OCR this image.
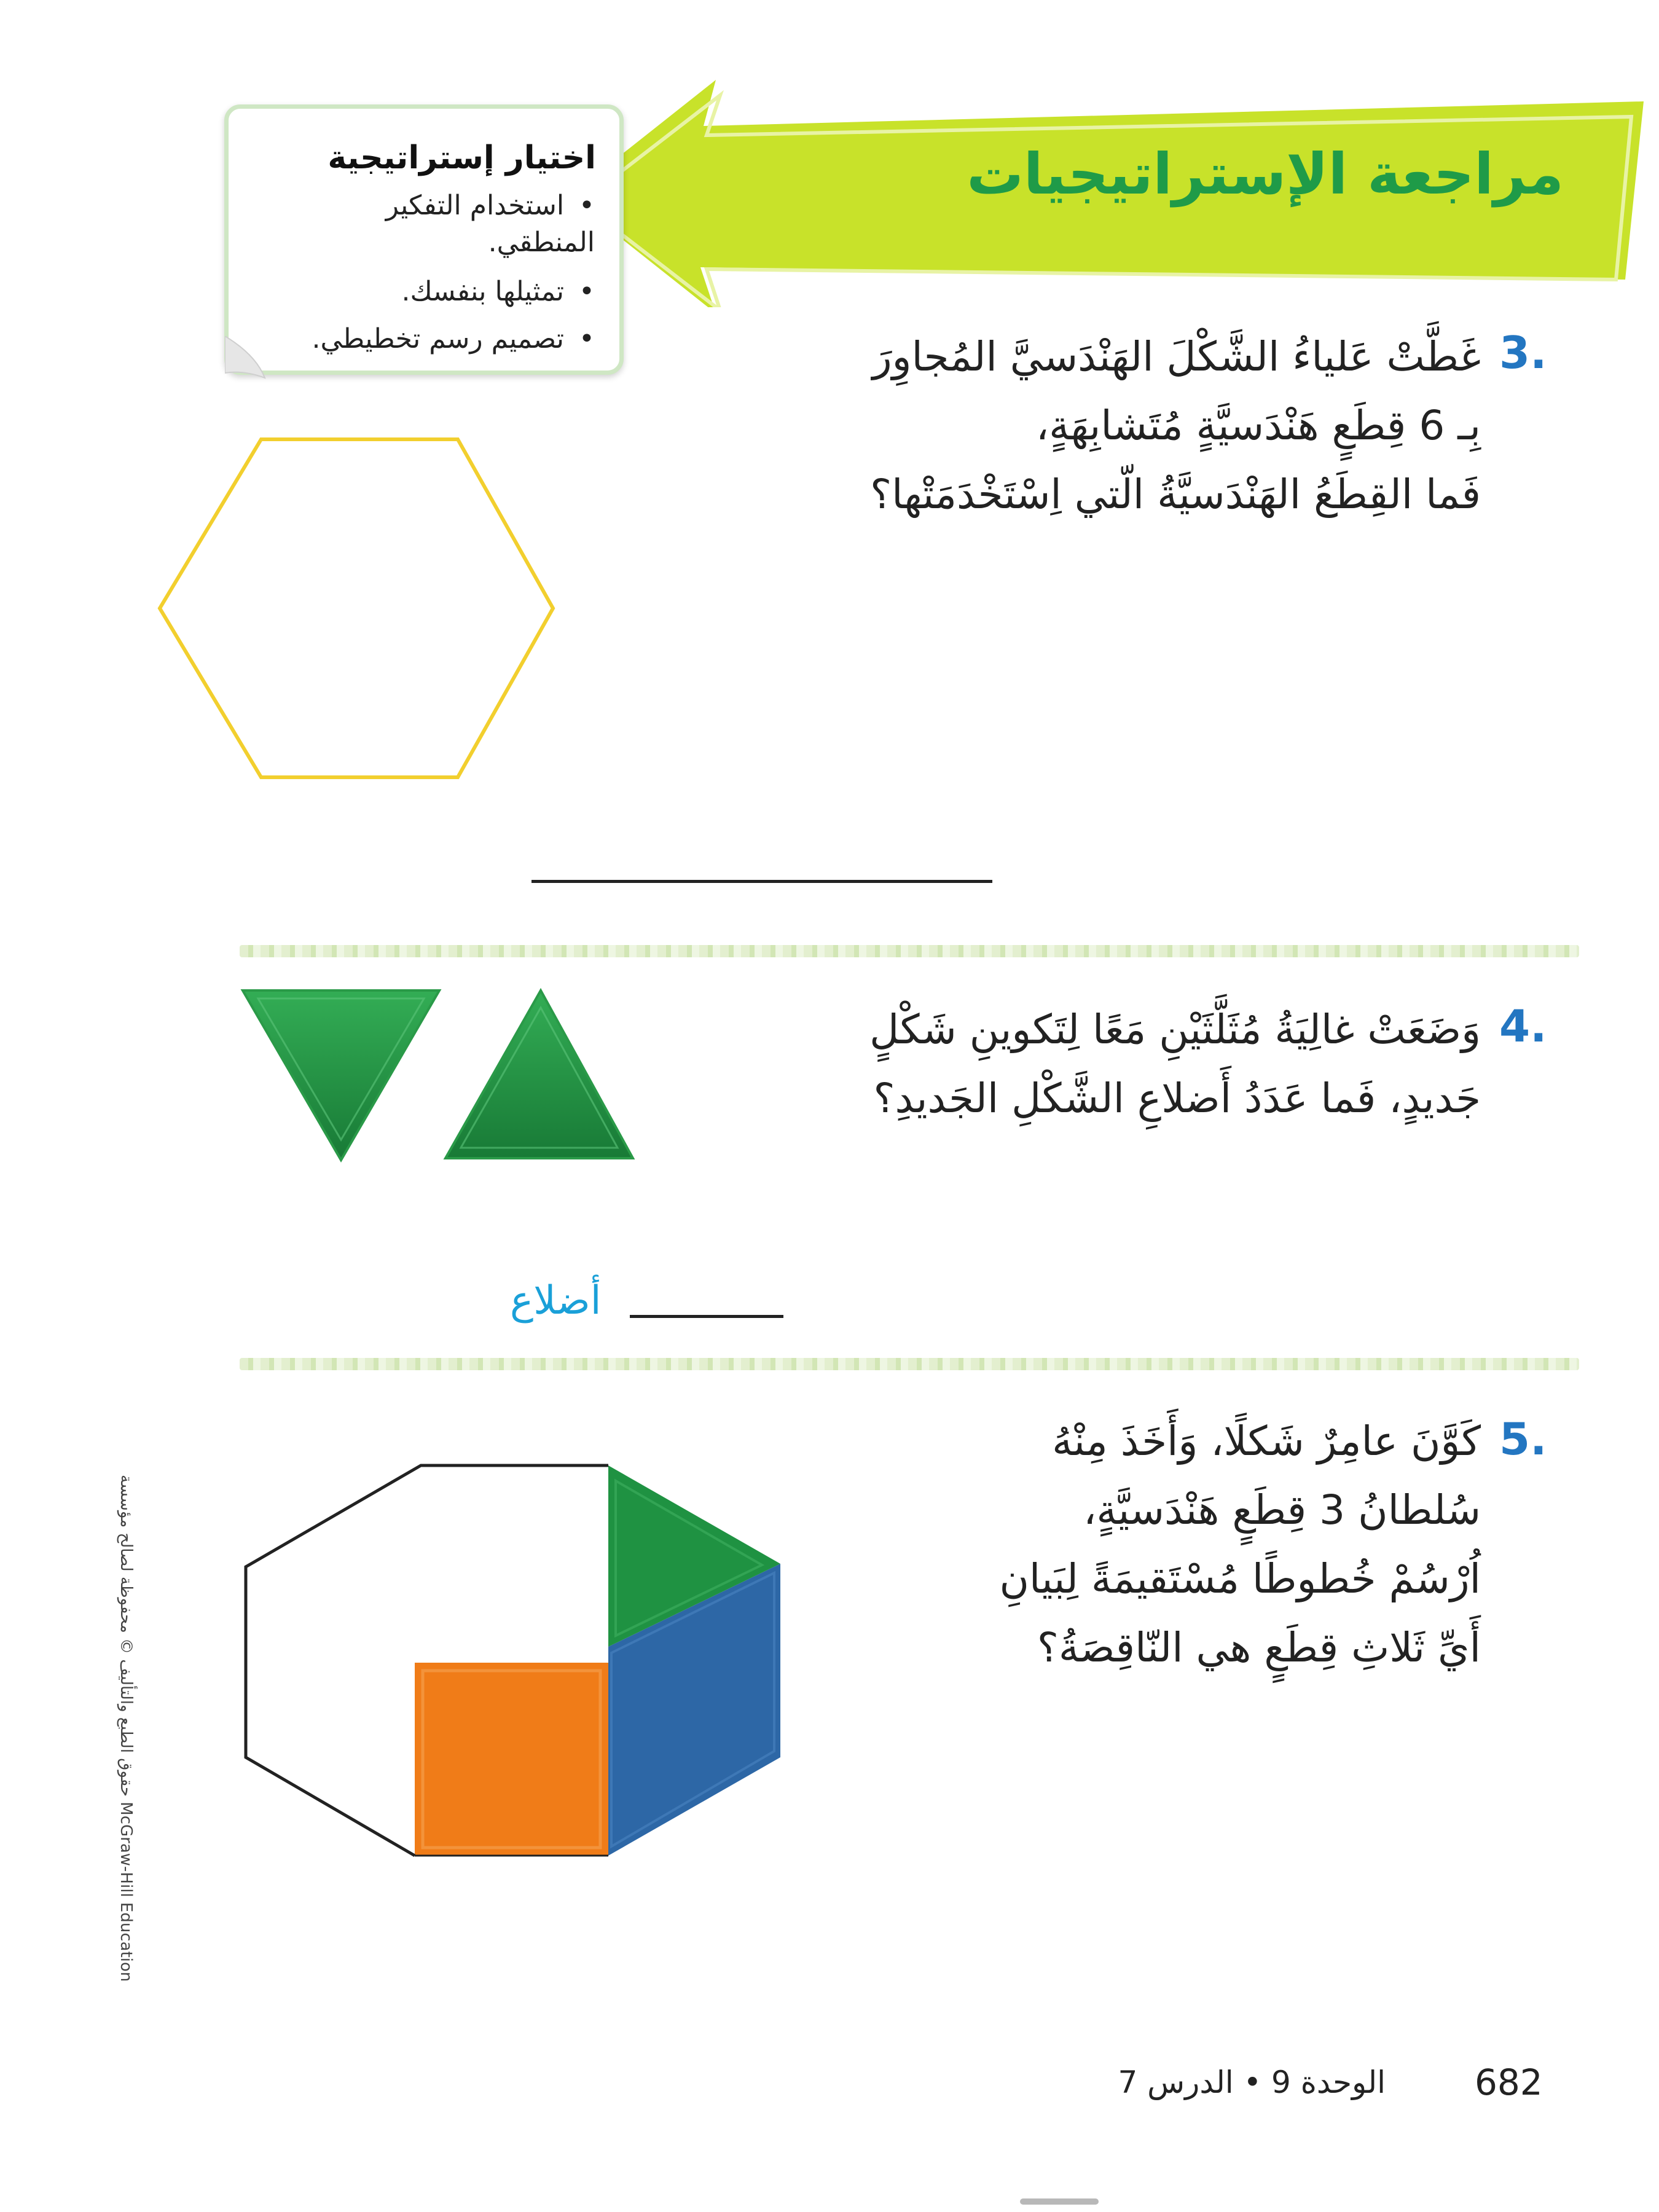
مراجعة الإستراتيجيات
اختيار إستراتيجية
•استخدام التفكير المنطقي.
•تمثيلها بنفسك.
•تصميم رسم تخطيطي.	3.
غَطَّتْ عَلياءُ الشَّكْلَ الهَنْدَسيَّ المُجاوِرَ
بِـ 6 قِطَعٍ هَنْدَسيَّةٍ مُتَشابِهَةٍ،
فَما القِطَعُ الهَنْدَسيَّةُ الّتي اِسْتَخْدَمَتْها؟
4.
وَضَعَتْ غالِيَةُ مُثَلَّثَيْنِ مَعًا لِتَكوينِ شَكْلٍ
جَديدٍ، فَما عَدَدُ أَضلاعِ الشَّكْلِ الجَديدِ؟
أضلاع
5.
كَوَّنَ عامِرٌ شَكلًا، وَأَخَذَ مِنْهُ
سُلطانُ 3 قِطَعٍ هَنْدَسيَّةٍ،
اُرْسُمْ خُطوطًا مُسْتَقيمَةً لِبَيانِ
أَيِّ ثَلاثِ قِطَعٍ هي النّاقِصَةُ؟
حقوق الطبع والتأليف © محفوظة لصالح مؤسسة McGraw-Hill Education
682
الوحدة 9 • الدرس 7
